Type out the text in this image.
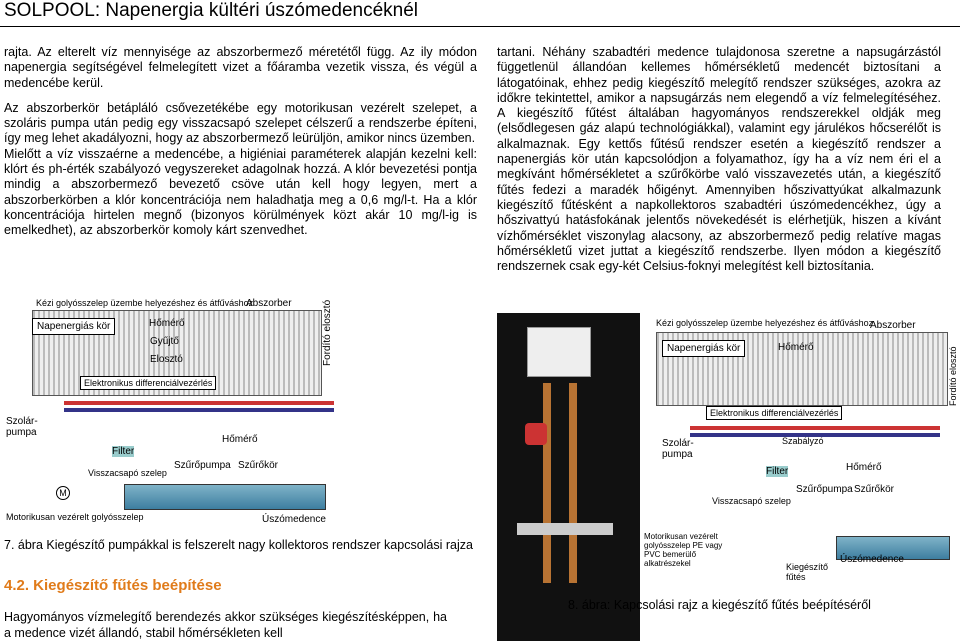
SOLPOOL: Napenergia kültéri úszómedencéknél

rajta. Az elterelt víz mennyisége az abszorbermező méretétől függ. Az ily módon napenergia segítségével felmelegített vizet a főáramba vezetik vissza, és végül a medencébe kerül.

Az abszorberkör betápláló csővezetékébe egy motorikusan vezérelt szelepet, a szoláris pumpa után pedig egy visszacsapó szelepet célszerű a rendszerbe építeni, így meg lehet akadályozni, hogy az abszorbermező leürüljön, amikor nincs üzemben.

Mielőtt a víz visszaérne a medencébe, a higiéniai paraméterek alapján kezelni kell: klórt és ph-érték szabályozó vegyszereket adagolnak hozzá. A klór bevezetési pontja mindig a abszorbermező bevezető csöve után kell hogy legyen, mert a abszorberkörben a klór koncentrációja nem haladhatja meg a 0,6 mg/l-t. Ha a klór koncentrációja hirtelen megnő (bizonyos körülmények közt akár 10 mg/l-ig is emelkedhet), az abszorberkör komoly kárt szenvedhet.

tartani. Néhány szabadtéri medence tulajdonosa szeretne a napsugárzástól függetlenül állandóan kellemes hőmérsékletű medencét biztosítani a látogatóinak, ehhez pedig kiegészítő melegítő rendszer szükséges, azokra az időkre tekintettel, amikor a napsugárzás nem elegendő a víz felmelegítéséhez. A kiegészítő fűtést általában hagyományos rendszerekkel oldják meg (elsődlegesen gáz alapú technológiákkal), valamint egy járulékos hőcserélőt is alkalmaznak. Egy kettős fűtésű rendszer esetén a kiegészítő rendszer a napenergiás kör után kapcsolódjon a folyamathoz, így ha a víz nem éri el a megkívánt hőmérsékletet a szűrőkörbe való visszavezetés után, a kiegészítő fűtés fedezi a maradék hőigényt. Amennyiben hőszivattyúkat alkalmazunk kiegészítő fűtésként a napkollektoros szabadtéri úszómedencékhez, úgy a hőszivattyú hatásfokának jelentős növekedését is elérhetjük, hiszen a kívánt vízhőmérséklet viszonylag alacsony, az abszorbermező pedig relatíve magas hőmérsékletű vizet juttat a kiegészítő rendszerbe. Ilyen módon a kiegészítő rendszernek csak egy-két Celsius-foknyi melegítést kell biztosítania.

Kézi golyósszelep üzembe helyezéshez és átfűváshoz
Abszorber
Napenergiás kör	Hőmérő
Gyűjtő
Elosztó	Fordító elosztó
Elektronikus differenciálvezérlés
Szolár-
pumpa
Hőmérő
Filter
Visszacsapó szelep
Szűrőpumpa Szűrőkör
M
Motorikusan vezérelt golyósszelep	Úszómedence
7. ábra Kiegészítő pumpákkal is felszerelt nagy kollektoros rendszer kapcsolási rajza
4.2. Kiegészítő fűtés beépítése
Hagyományos vízmelegítő berendezés akkor szükséges kiegészítésképpen, ha a medence vizét állandó, stabil hőmérsékleten kell
Kézi golyósszelep üzembe helyezéshez és átfűváshoz
Abszorber
Napenergiás kör	Hőmérő	Fordító elosztó
Elektronikus differenciálvezérlés
Szolár-
pumpa
Szabályzó
Filter	Hőmérő
Visszacsapó szelep
Szűrőpumpa Szűrőkör
Motorikusan vezérelt golyósszelep PE vagy PVC bemerülő alkatrészekel	Kiegészítő fűtés
Úszómedence
8. ábra: Kapcsolási rajz a kiegészítő fűtés beépítéséről
